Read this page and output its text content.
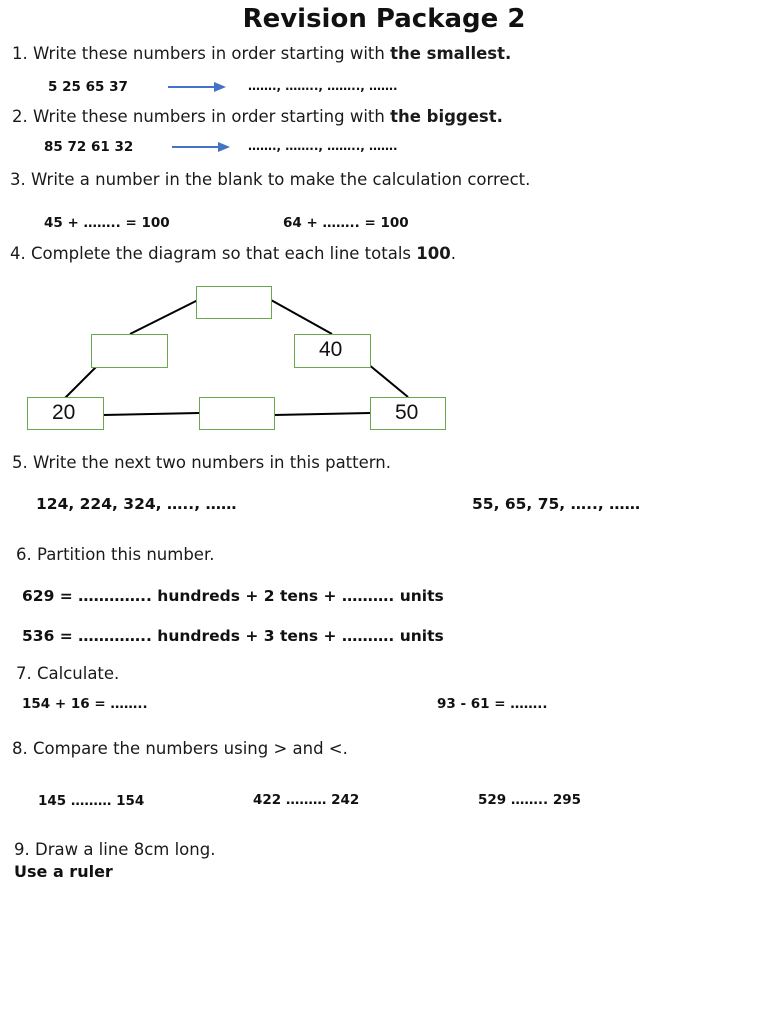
Revision Package 2
1. Write these numbers in order starting with the smallest.
5 25 65 37	……., …….., …….., …….
2. Write these numbers in order starting with the biggest.
85 72 61 32	……., …….., …….., …….
3. Write a number in the blank to make the calculation correct.
45 + …….. = 100	64 + …….. = 100
4. Complete the diagram so that each line totals 100.
40
20	50
5. Write the next two numbers in this pattern.
124, 224, 324, ….., ……	55, 65, 75, ….., ……
6. Partition this number.
629 = ………….. hundreds + 2 tens + ………. units
536 = ………….. hundreds + 3 tens + ………. units
7. Calculate.
154 + 16 = ……..	93 - 61 = ……..
8. Compare the numbers using > and <.
145 ……… 154	422 ……… 242	529 …….. 295
9. Draw a line 8cm long.
Use a ruler
